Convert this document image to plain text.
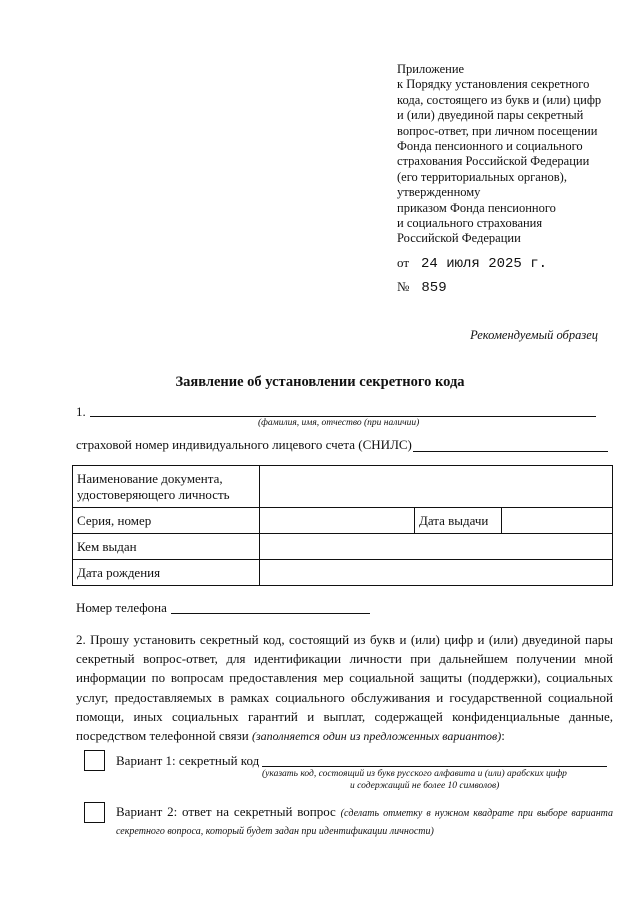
Приложение
к Порядку установления секретного
кода, состоящего из букв и (или) цифр
и (или) двуединой пары секретный
вопрос-ответ, при личном посещении
Фонда пенсионного и социального
страхования Российской Федерации
(его территориальных органов),
утвержденному
приказом Фонда пенсионного
и социального страхования
Российской Федерации
от 24 июля 2025 г.
№ 859
Рекомендуемый образец
Заявление об установлении секретного кода
1.
(фамилия, имя, отчество (при наличии)
страховой номер индивидуального лицевого счета (СНИЛС)
Наименование документа,
удостоверяющего личность			

Серия, номер		Дата выдачи	
Кем выдан			
Дата рождения			
Номер телефона
2. Прошу установить секретный код, состоящий из букв и (или) цифр и (или) двуединой пары секретный вопрос-ответ, для идентификации личности при дальнейшем получении мной информации по вопросам предоставления мер социальной защиты (поддержки), социальных услуг, предоставляемых в рамках социального обслуживания и государственной социальной помощи, иных социальных гарантий и выплат, содержащей конфиденциальные данные, посредством телефонной связи (заполняется один из предложенных вариантов):
Вариант 1: секретный код
(указать код, состоящий из букв русского алфавита и (или) арабских цифр
и содержащий не более 10 символов)
Вариант 2: ответ на секретный вопрос (сделать отметку в нужном квадрате при выборе варианта секретного вопроса, который будет задан при идентификации личности)
